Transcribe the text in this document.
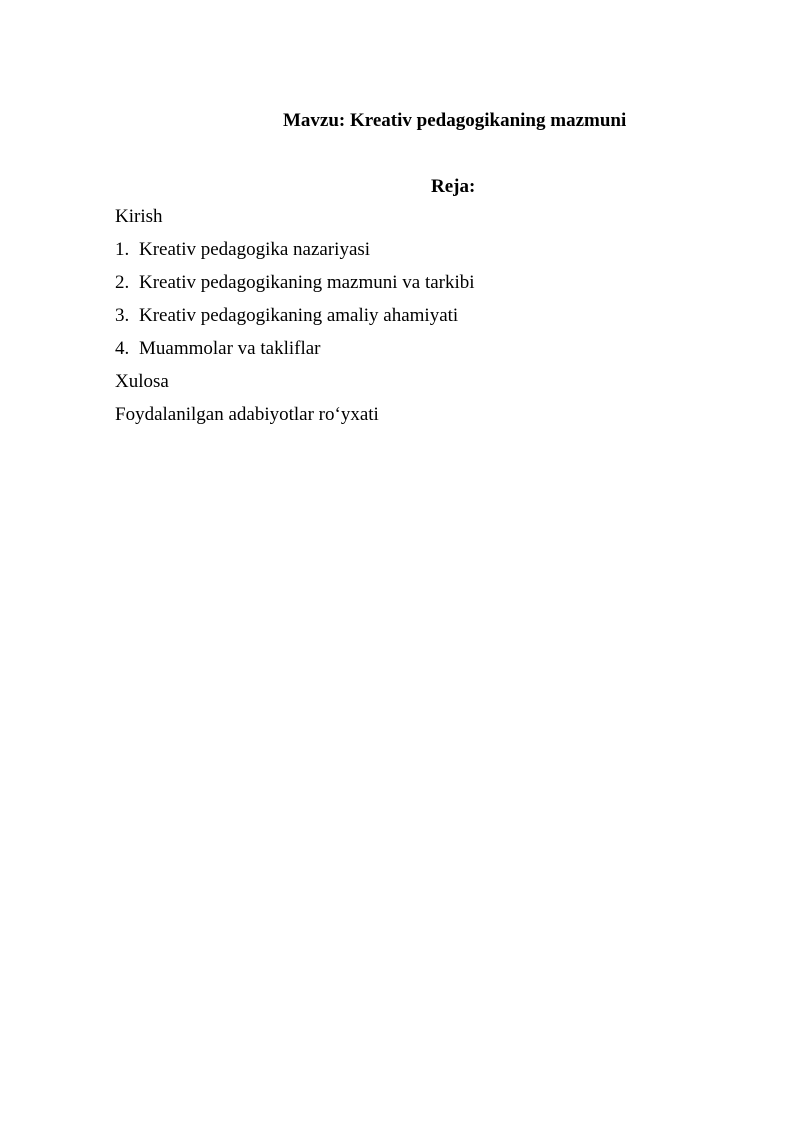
Mavzu: Kreativ pedagogikaning mazmuni
Reja:
Kirish
1. Kreativ pedagogika nazariyasi
2. Kreativ pedagogikaning mazmuni va tarkibi
3. Kreativ pedagogikaning amaliy ahamiyati
4. Muammolar va takliflar
Xulosa
Foydalanilgan adabiyotlar ro‘yxati
